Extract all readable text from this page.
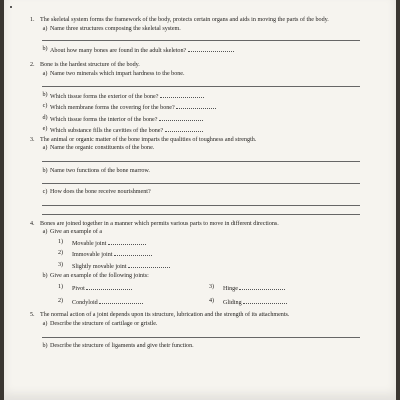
1. The skeletal system forms the framework of the body, protects certain organs and aids in moving the parts of the body.
a) Name three structures composing the skeletal system.
b) About how many bones are found in the adult skeleton?
2. Bone is the hardest structure of the body.
a) Name two minerals which impart hardness to the bone.
b) Which tissue forms the exterior of the bone?
c) Which membrane forms the covering for the bone?
d) Which tissue forms the interior of the bone?
e) Which substance fills the cavities of the bone?
3. The animal or organic matter of the bone imparts the qualities of toughness and strength.
a) Name the organic constituents of the bone.
b) Name two functions of the bone marrow.
c) How does the bone receive nourishment?
4. Bones are joined together in a manner which permits various parts to move in different directions.
a) Give an example of a
1)	Movable joint
2)	Immovable joint
3)	Slightly movable joint
b) Give an example of the following joints:
1)	Pivot	3)	Hinge
2)	Condyloid	4)	Gliding
5. The normal action of a joint depends upon its structure, lubrication and the strength of its attachments.
a) Describe the structure of cartilage or gristle.
b) Describe the structure of ligaments and give their function.
